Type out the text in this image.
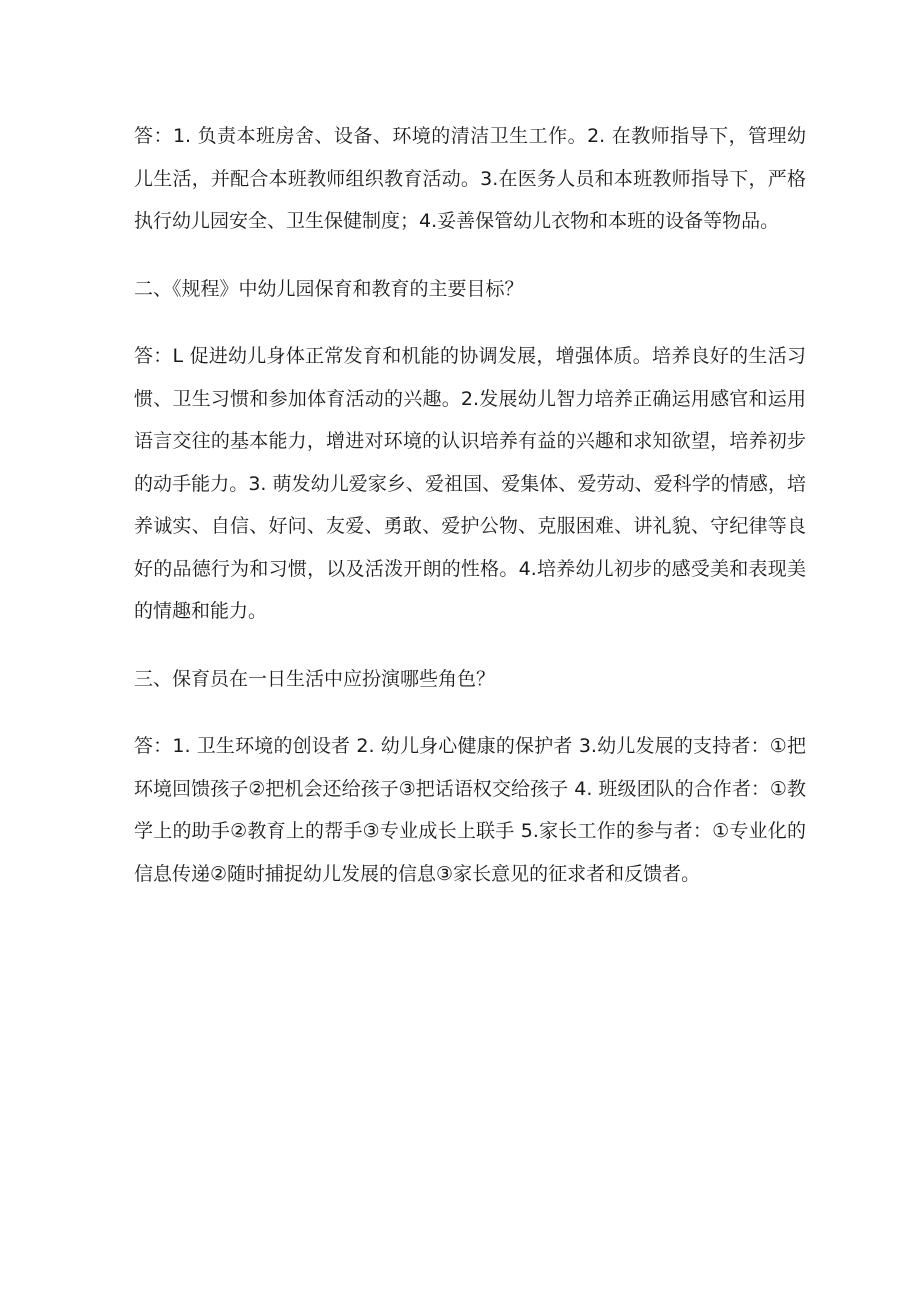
答：1. 负责本班房舍、设备、环境的清洁卫生工作。2. 在教师指导下，管理幼儿生活，并配合本班教师组织教育活动。3.在医务人员和本班教师指导下，严格执行幼儿园安全、卫生保健制度；4.妥善保管幼儿衣物和本班的设备等物品。

二、《规程》中幼儿园保育和教育的主要目标？

答：L 促进幼儿身体正常发育和机能的协调发展，增强体质。培养良好的生活习惯、卫生习惯和参加体育活动的兴趣。2.发展幼儿智力培养正确运用感官和运用语言交往的基本能力，增进对环境的认识培养有益的兴趣和求知欲望，培养初步的动手能力。3. 萌发幼儿爱家乡、爱祖国、爱集体、爱劳动、爱科学的情感，培养诚实、自信、好问、友爱、勇敢、爱护公物、克服困难、讲礼貌、守纪律等良好的品德行为和习惯，以及活泼开朗的性格。4.培养幼儿初步的感受美和表现美的情趣和能力。

三、保育员在一日生活中应扮演哪些角色？

答：1. 卫生环境的创设者 2. 幼儿身心健康的保护者 3.幼儿发展的支持者：①把环境回馈孩子②把机会还给孩子③把话语权交给孩子 4. 班级团队的合作者：①教学上的助手②教育上的帮手③专业成长上联手 5.家长工作的参与者：①专业化的信息传递②随时捕捉幼儿发展的信息③家长意见的征求者和反馈者。
